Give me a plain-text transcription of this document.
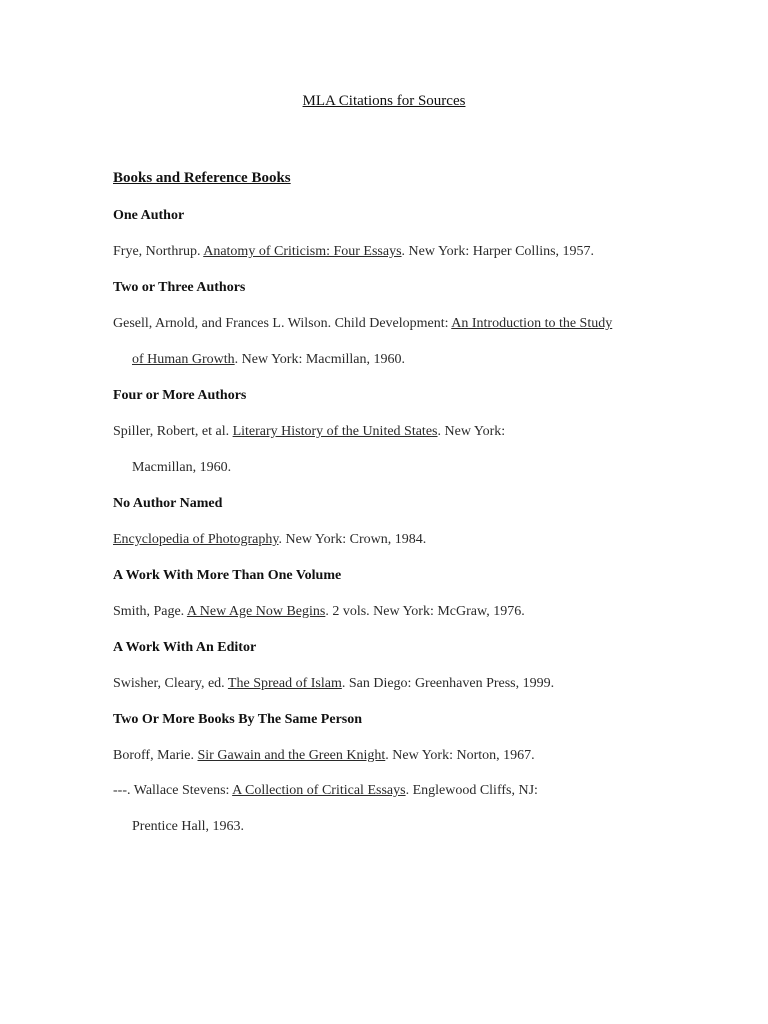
MLA Citations for Sources
Books and Reference Books
One Author
Frye, Northrup. Anatomy of Criticism: Four Essays. New York: Harper Collins, 1957.
Two or Three Authors
Gesell, Arnold, and Frances L. Wilson. Child Development: An Introduction to the Study
of Human Growth. New York: Macmillan, 1960.
Four or More Authors
Spiller, Robert, et al. Literary History of the United States. New York:
Macmillan, 1960.
No Author Named
Encyclopedia of Photography. New York: Crown, 1984.
A Work With More Than One Volume
Smith, Page. A New Age Now Begins. 2 vols. New York: McGraw, 1976.
A Work With An Editor
Swisher, Cleary, ed. The Spread of Islam. San Diego: Greenhaven Press, 1999.
Two Or More Books By The Same Person
Boroff, Marie. Sir Gawain and the Green Knight. New York: Norton, 1967.
---. Wallace Stevens: A Collection of Critical Essays. Englewood Cliffs, NJ:
Prentice Hall, 1963.
